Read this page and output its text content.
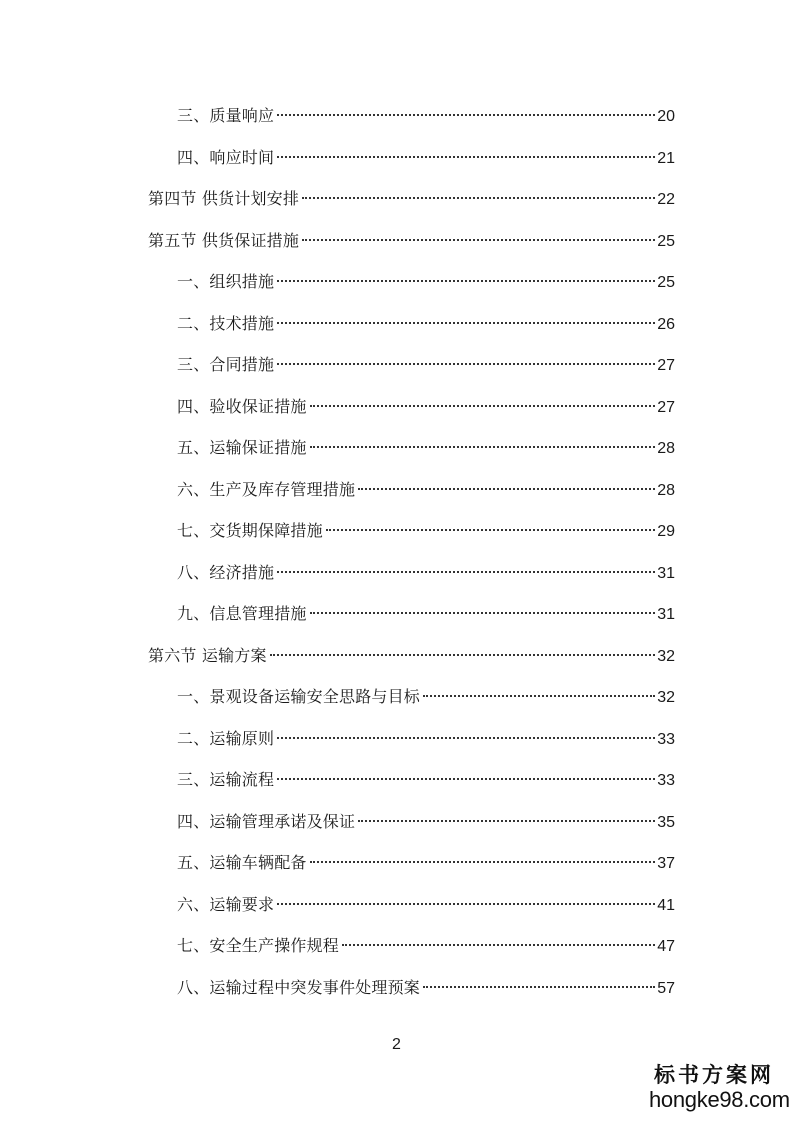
三、质量响应	20
四、响应时间	21
第四节 供货计划安排	22
第五节 供货保证措施	25
一、组织措施	25
二、技术措施	26
三、合同措施	27
四、验收保证措施	27
五、运输保证措施	28
六、生产及库存管理措施	28
七、交货期保障措施	29
八、经济措施	31
九、信息管理措施	31
第六节 运输方案	32
一、景观设备运输安全思路与目标	32
二、运输原则	33
三、运输流程	33
四、运输管理承诺及保证	35
五、运输车辆配备	37
六、运输要求	41
七、安全生产操作规程	47
八、运输过程中突发事件处理预案	57
2
标书方案网
hongke98.com
